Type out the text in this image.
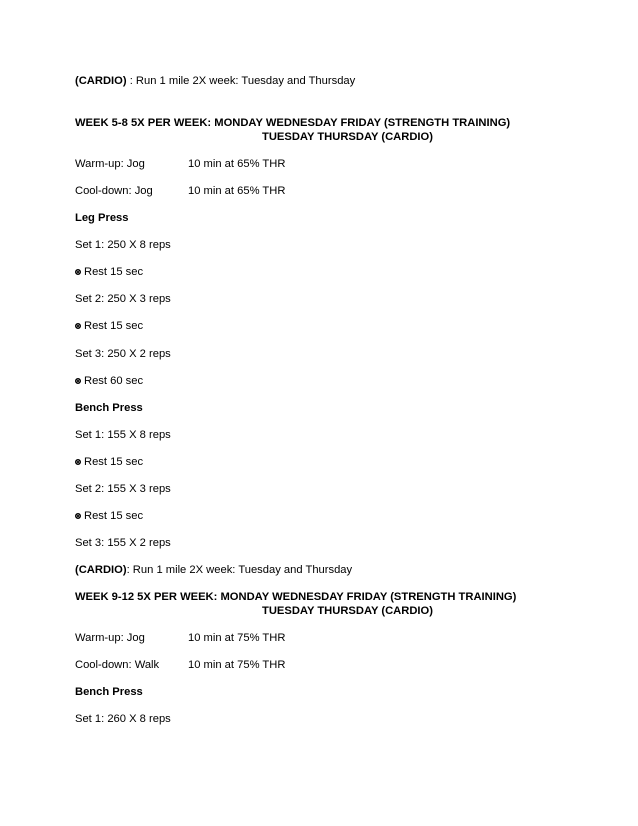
(CARDIO) : Run 1 mile 2X week: Tuesday and Thursday
WEEK 5-8 5X PER WEEK: MONDAY WEDNESDAY FRIDAY (STRENGTH TRAINING)
TUESDAY THURSDAY (CARDIO)
Warm-up: Jog	10 min at 65% THR
Cool-down: Jog	10 min at 65% THR
Leg Press
Set 1: 250 X 8 reps
Rest 15 sec
Set 2: 250 X 3 reps
Rest 15 sec
Set 3: 250 X 2 reps
Rest 60 sec
Bench Press
Set 1: 155 X 8 reps
Rest 15 sec
Set 2: 155 X 3 reps
Rest 15 sec
Set 3: 155 X 2 reps
(CARDIO): Run 1 mile 2X week: Tuesday and Thursday
WEEK 9-12 5X PER WEEK: MONDAY WEDNESDAY FRIDAY (STRENGTH TRAINING)
TUESDAY THURSDAY (CARDIO)
Warm-up: Jog	10 min at 75% THR
Cool-down: Walk	10 min at 75% THR
Bench Press
Set 1: 260 X 8 reps
